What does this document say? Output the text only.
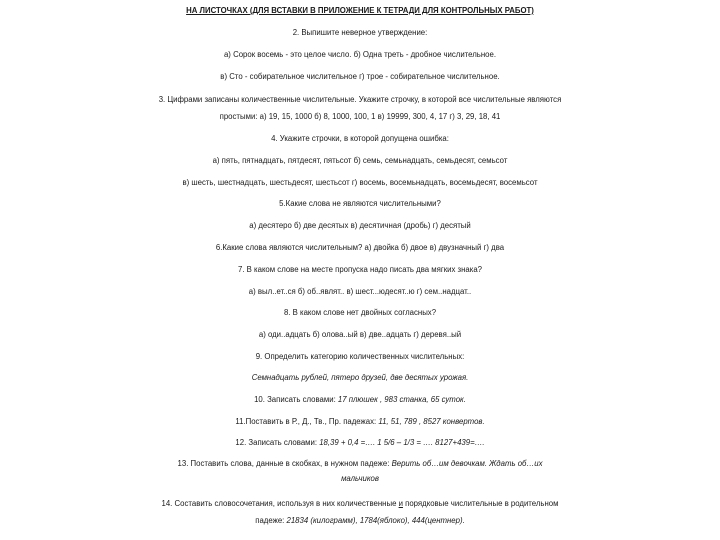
НА ЛИСТОЧКАХ (ДЛЯ ВСТАВКИ В ПРИЛОЖЕНИЕ К ТЕТРАДИ ДЛЯ КОНТРОЛЬНЫХ РАБОТ)
2. Выпишите неверное утверждение:
а) Сорок восемь - это целое число. б) Одна треть - дробное числительное.
в) Сто - собирательное числительное г) трое - собирательное числительное.
3. Цифрами записаны количественные числительные. Укажите строчку, в которой все числительные являются
простыми: а) 19, 15, 1000 б) 8, 1000, 100, 1 в) 19999, 300, 4, 17 г) 3, 29, 18, 41
4. Укажите строчки, в которой допущена ошибка:
а) пять, пятнадцать, пятдесят, пятьсот б) семь, семьнадцать, семьдесят, семьсот
в) шесть, шестнадцать, шестьдесят, шестьсот г) восемь, восемьнадцать, восемьдесят, восемьсот
5.Какие слова не являются числительными?
а) десятеро б) две десятых в) десятичная (дробь) г) десятый
6.Какие слова являются числительным? а) двойка б) двое в) двузначный г) два
7. В каком слове на месте пропуска надо писать два мягких знака?
а) выл..ет..ся б) об..являт.. в) шест...юдесят..ю г) сем..надцат..
8. В каком слове нет двойных согласных?
а) оди..адцать б) олова..ый в) две..адцать г) деревя..ый
9. Определить категорию количественных числительных:
Семнадцать рублей, пятеро друзей, две десятых урожая.
10. Записать словами: 17 плюшек , 983 станка, 65 суток.
11.Поставить в Р., Д., Тв., Пр. падежах: 11, 51, 789 , 8527 конвертов.
12. Записать словами: 18,39 + 0,4 =…. 1 5/6 – 1/3 = …. 8127+439=….
13. Поставить слова, данные в скобках, в нужном падеже: Верить об…им девочкам. Ждать об…их
мальчиков
14. Составить словосочетания, используя в них количественные и порядковые числительные в родительном
падеже: 21834 (килограмм), 1784(яблоко), 444(центнер).
